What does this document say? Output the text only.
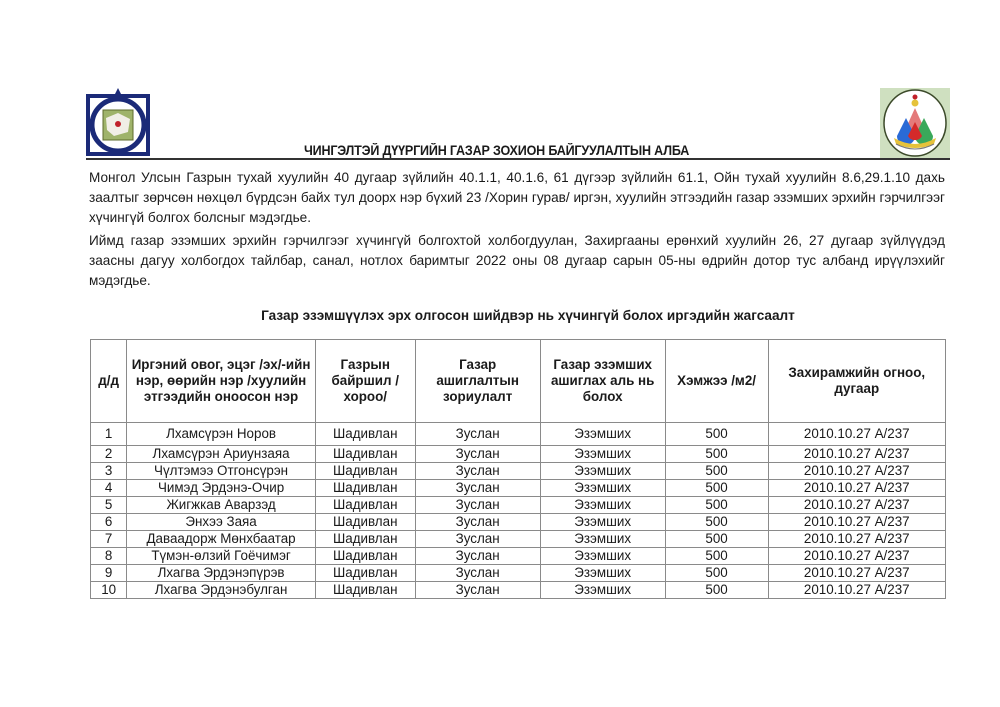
ЧИНГЭЛТЭЙ ДҮҮРГИЙН ГАЗАР ЗОХИОН БАЙГУУЛАЛТЫН АЛБА
Монгол Улсын Газрын тухай хуулийн 40 дугаар зүйлийн 40.1.1, 40.1.6, 61 дүгээр зүйлийн 61.1, Ойн тухай хуулийн 8.6,29.1.10 дахь заалтыг зөрчсөн нөхцөл бүрдсэн байх тул доорх нэр бүхий 23 /Хорин гурав/ иргэн, хуулийн этгээдийн газар эзэмших эрхийн гэрчилгээг хүчингүй болгох болсныг мэдэгдье.
Иймд газар эзэмших эрхийн гэрчилгээг хүчингүй болгохтой холбогдуулан, Захиргааны ерөнхий хуулийн 26, 27 дугаар зүйлүүдэд заасны дагуу холбогдох тайлбар, санал, нотлох баримтыг 2022 оны 08 дугаар сарын 05-ны өдрийн дотор тус албанд ирүүлэхийг мэдэгдье.
Газар эзэмшүүлэх эрх олгосон шийдвэр нь хүчингүй болох иргэдийн жагсаалт
д/д	Иргэний овог, эцэг /эх/-ийн нэр, өөрийн нэр /хуулийн этгээдийн оноосон нэр	Газрын байршил /хороо/	Газар ашиглалтын зориулалт	Газар эзэмших ашиглах аль нь болох	Хэмжээ /м2/	Захирамжийн огноо, дугаар
1	Лхамсүрэн Норов	Шадивлан	Зуслан	Эзэмших	500	2010.10.27 А/237
2	Лхамсүрэн Ариунзаяа	Шадивлан	Зуслан	Эзэмших	500	2010.10.27 А/237
3	Чүлтэмээ Отгонсүрэн	Шадивлан	Зуслан	Эзэмших	500	2010.10.27 А/237
4	Чимэд Эрдэнэ-Очир	Шадивлан	Зуслан	Эзэмших	500	2010.10.27 А/237
5	Жигжкав Аварзэд	Шадивлан	Зуслан	Эзэмших	500	2010.10.27 А/237
6	Энхээ Заяа	Шадивлан	Зуслан	Эзэмших	500	2010.10.27 А/237
7	Даваадорж Мөнхбаатар	Шадивлан	Зуслан	Эзэмших	500	2010.10.27 А/237
8	Түмэн-өлзий Гоёчимэг	Шадивлан	Зуслан	Эзэмших	500	2010.10.27 А/237
9	Лхагва Эрдэнэпүрэв	Шадивлан	Зуслан	Эзэмших	500	2010.10.27 А/237
10	Лхагва Эрдэнэбулган	Шадивлан	Зуслан	Эзэмших	500	2010.10.27 А/237
